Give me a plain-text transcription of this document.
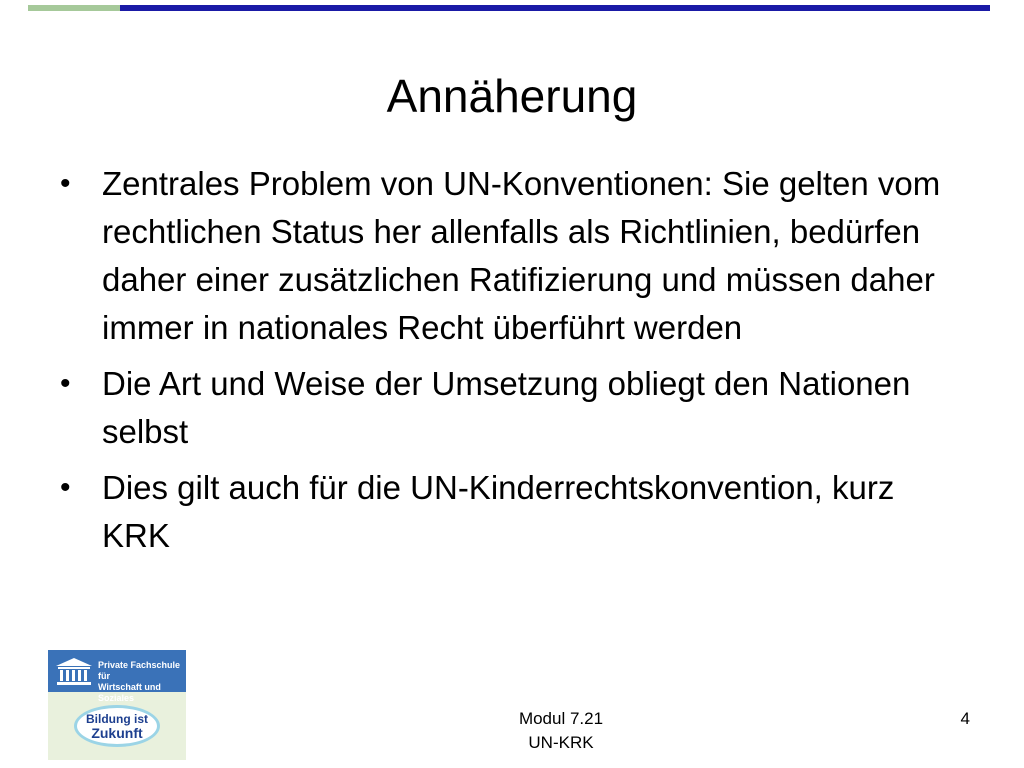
Annäherung
• Zentrales Problem von UN-Konventionen: Sie gelten vom rechtlichen Status her allenfalls als Richtlinien, bedürfen daher einer zusätzlichen Ratifizierung und müssen daher immer in nationales Recht überführt werden
• Die Art und Weise der Umsetzung obliegt den Nationen selbst
• Dies gilt auch für die UN-Kinderrechtskonvention, kurz KRK
Private Fachschule für
Wirtschaft und Soziales
Bildung ist
Zukunft
Modul 7.21
UN-KRK
4
